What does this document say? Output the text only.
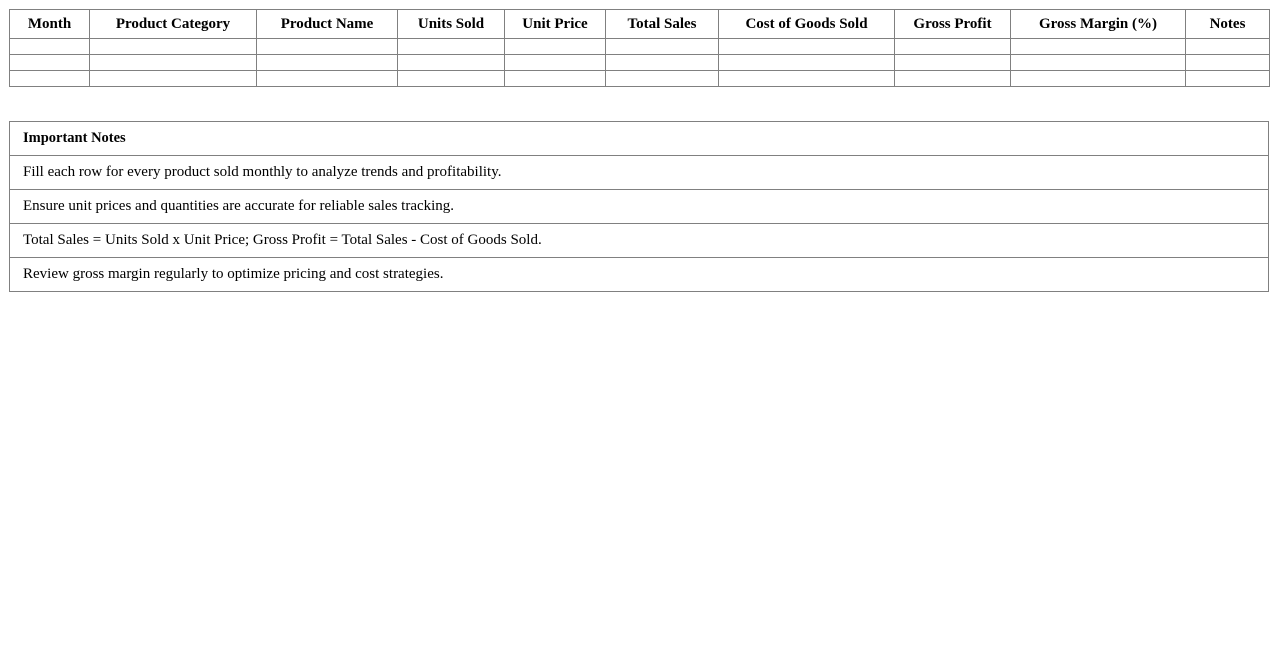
Month	Product Category	Product Name	Units Sold	Unit Price	Total Sales	Cost of Goods Sold	Gross Profit	Gross Margin (%)	Notes

Important Notes
Fill each row for every product sold monthly to analyze trends and profitability.
Ensure unit prices and quantities are accurate for reliable sales tracking.
Total Sales = Units Sold x Unit Price; Gross Profit = Total Sales - Cost of Goods Sold.
Review gross margin regularly to optimize pricing and cost strategies.
